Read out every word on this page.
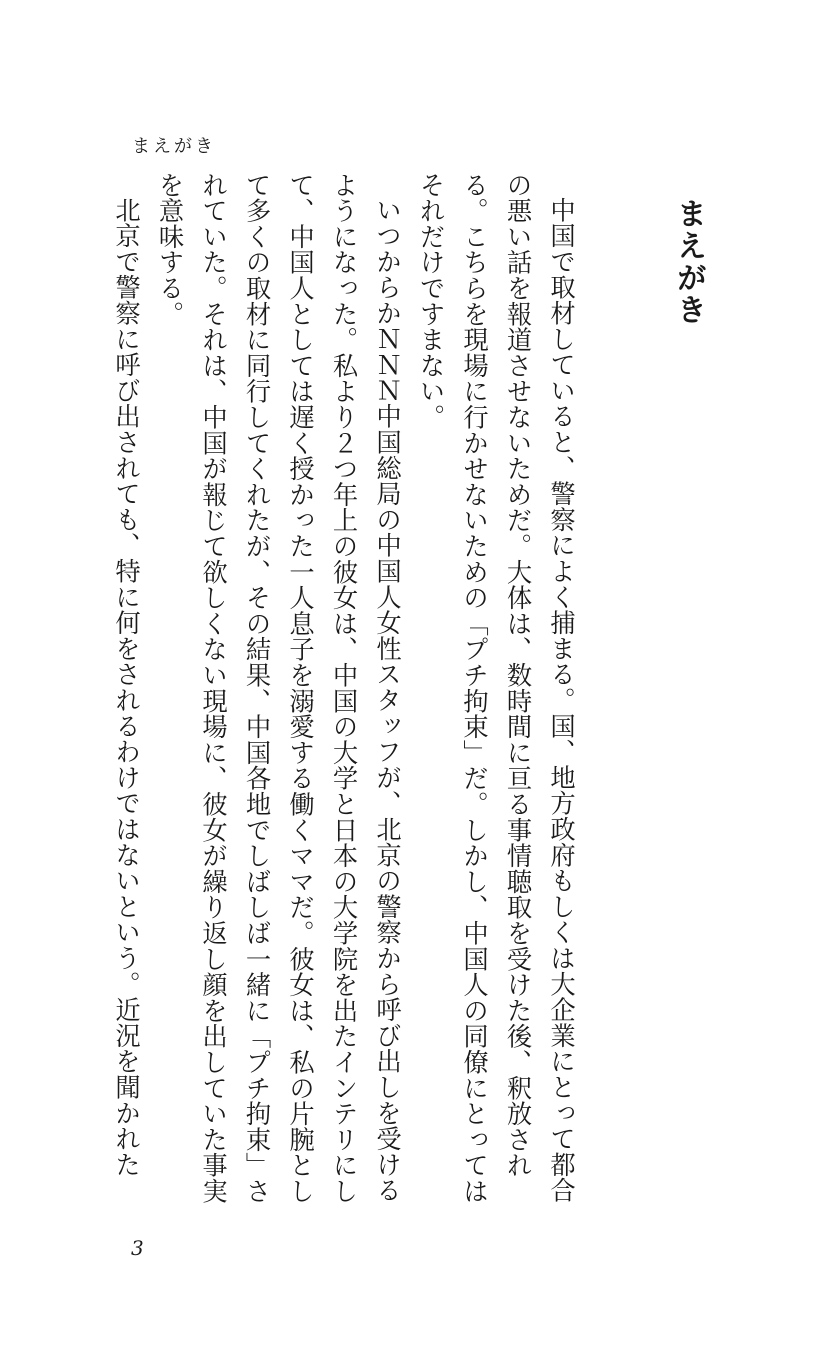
まえがき
まえがき

中国で取材していると、警察によく捕まる。国、地方政府もしくは大企業にとって都合の悪い話を報道させないためだ。大体は、数時間に亘る事情聴取を受けた後、釈放される。こちらを現場に行かせないための「プチ拘束」だ。しかし、中国人の同僚にとってはそれだけですまない。

いつからかＮＮＮ中国総局の中国人女性スタッフが、北京の警察から呼び出しを受けるようになった。私より２つ年上の彼女は、中国の大学と日本の大学院を出たインテリにして、中国人としては遅く授かった一人息子を溺愛する働くママだ。彼女は、私の片腕として多くの取材に同行してくれたが、その結果、中国各地でしばしば一緒に「プチ拘束」されていた。それは、中国が報じて欲しくない現場に、彼女が繰り返し顔を出していた事実を意味する。

北京で警察に呼び出されても、特に何をされるわけではないという。近況を聞かれた

3
